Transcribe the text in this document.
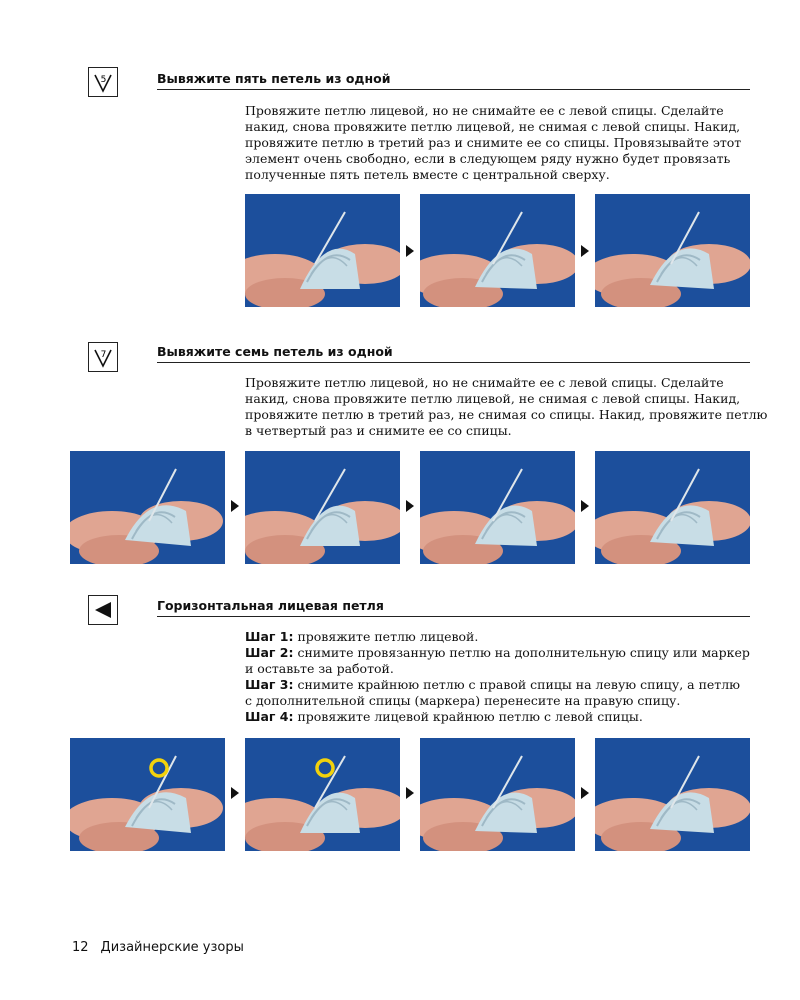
5	Вывяжите пять петель из одной

Провяжите петлю лицевой, но не снимайте ее с левой спицы. Сделайте

накид, снова провяжите петлю лицевой, не снимая с левой спицы. Накид,

провяжите петлю в третий раз и снимите ее со спицы. Провязывайте этот

элемент очень свободно, если в следующем ряду нужно будет провязать

полученные пять петель вместе с центральной сверху.

7	Вывяжите семь петель из одной

Провяжите петлю лицевой, но не снимайте ее с левой спицы. Сделайте

накид, снова провяжите петлю лицевой, не снимая с левой спицы. Накид,

провяжите петлю в третий раз, не снимая со спицы. Накид, провяжите петлю

в четвертый раз и снимите ее со спицы.

Горизонтальная лицевая петля

Шаг 1: провяжите петлю лицевой.

Шаг 2: снимите провязанную петлю на дополнительную спицу или маркер

и оставьте за работой.

Шаг 3: снимите крайнюю петлю с правой спицы на левую спицу, а петлю

с дополнительной спицы (маркера) перенесите на правую спицу.

Шаг 4: провяжите лицевой крайнюю петлю с левой спицы.

12 Дизайнерские узоры
